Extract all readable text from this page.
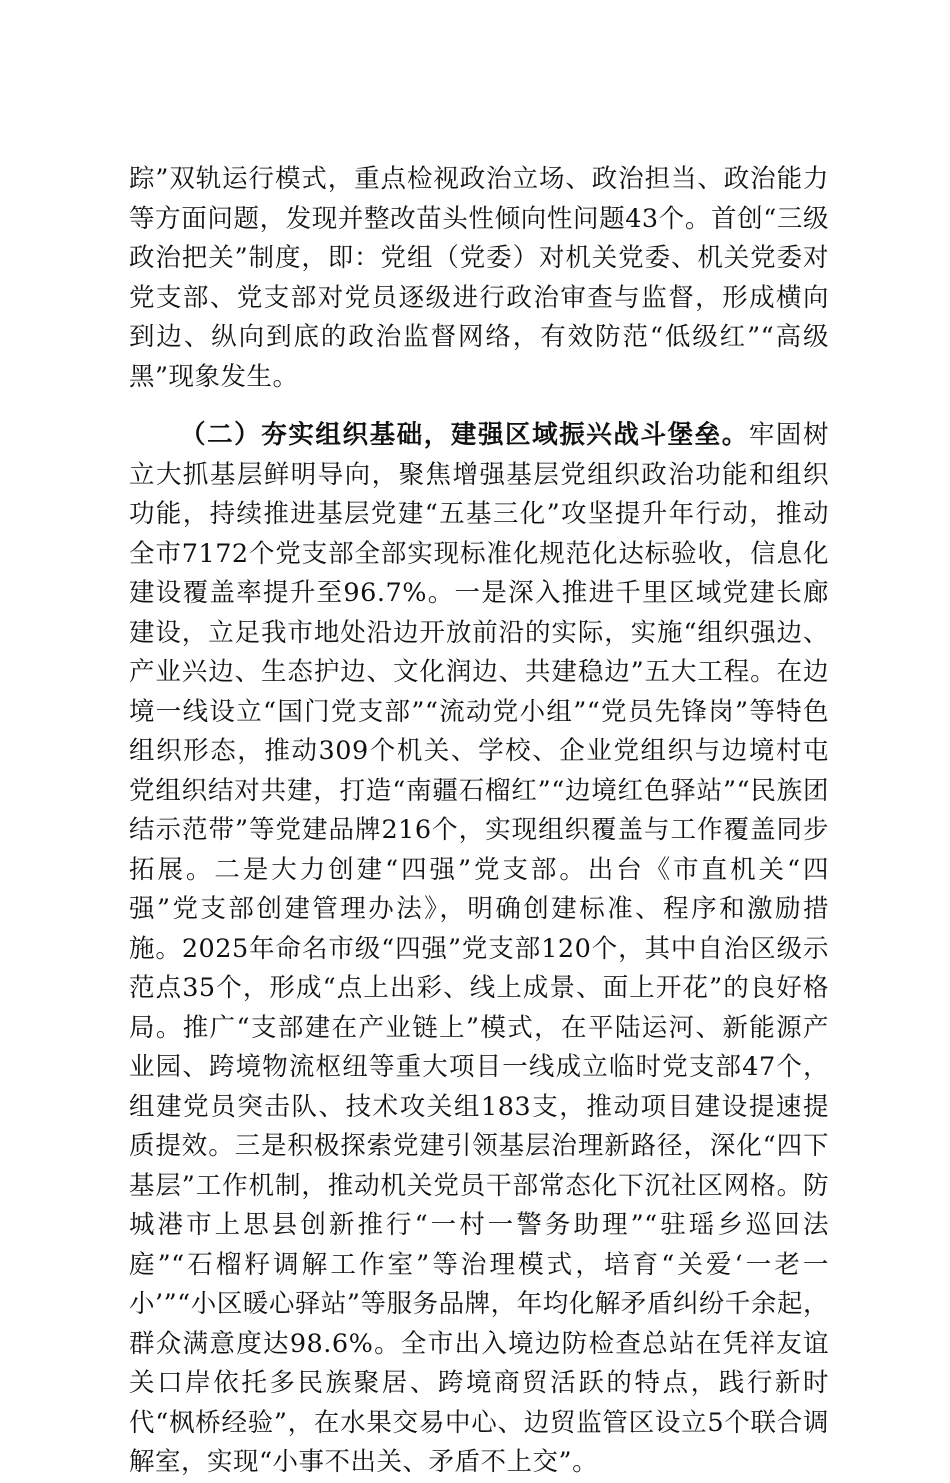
踪”双轨运行模式，重点检视政治立场、政治担当、政治能力等方面问题，发现并整改苗头性倾向性问题43个。首创“三级政治把关”制度，即：党组（党委）对机关党委、机关党委对党支部、党支部对党员逐级进行政治审查与监督，形成横向到边、纵向到底的政治监督网络，有效防范“低级红”“高级黑”现象发生。

（二）夯实组织基础，建强区域振兴战斗堡垒。牢固树立大抓基层鲜明导向，聚焦增强基层党组织政治功能和组织功能，持续推进基层党建“五基三化”攻坚提升年行动，推动全市7172个党支部全部实现标准化规范化达标验收，信息化建设覆盖率提升至96.7%。一是深入推进千里区域党建长廊建设，立足我市地处沿边开放前沿的实际，实施“组织强边、产业兴边、生态护边、文化润边、共建稳边”五大工程。在边境一线设立“国门党支部”“流动党小组”“党员先锋岗”等特色组织形态，推动309个机关、学校、企业党组织与边境村屯党组织结对共建，打造“南疆石榴红”“边境红色驿站”“民族团结示范带”等党建品牌216个，实现组织覆盖与工作覆盖同步拓展。二是大力创建“四强”党支部。出台《市直机关“四强”党支部创建管理办法》，明确创建标准、程序和激励措施。2025年命名市级“四强”党支部120个，其中自治区级示范点35个，形成“点上出彩、线上成景、面上开花”的良好格局。推广“支部建在产业链上”模式，在平陆运河、新能源产业园、跨境物流枢纽等重大项目一线成立临时党支部47个，组建党员突击队、技术攻关组183支，推动项目建设提速提质提效。三是积极探索党建引领基层治理新路径，深化“四下基层”工作机制，推动机关党员干部常态化下沉社区网格。防城港市上思县创新推行“一村一警务助理”“驻瑶乡巡回法庭”“石榴籽调解工作室”等治理模式，培育“关爱‘一老一小’”“小区暖心驿站”等服务品牌，年均化解矛盾纠纷千余起，群众满意度达98.6%。全市出入境边防检查总站在凭祥友谊关口岸依托多民族聚居、跨境商贸活跃的特点，践行新时代“枫桥经验”，在水果交易中心、边贸监管区设立5个联合调解室，实现“小事不出关、矛盾不上交”。
